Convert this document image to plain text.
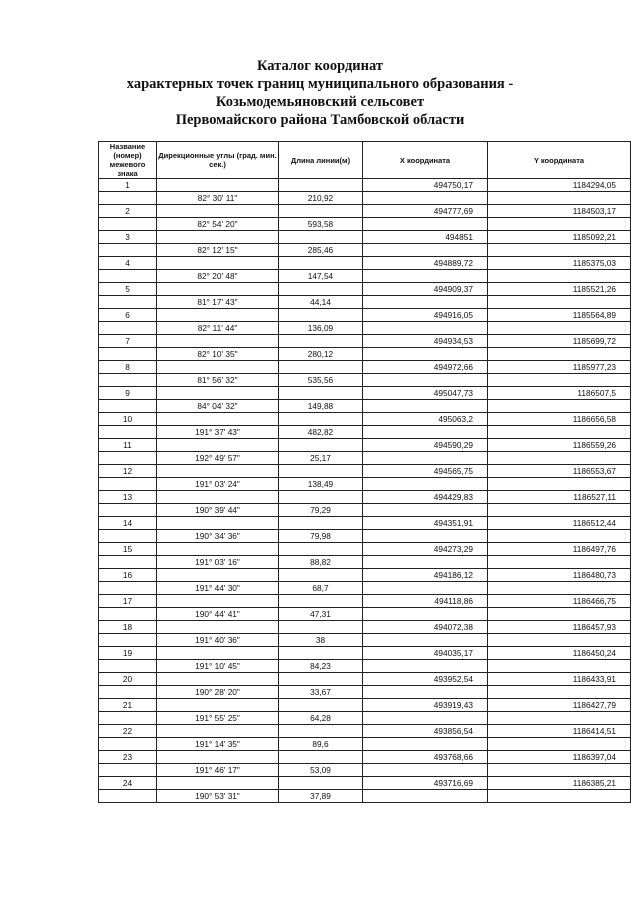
Каталог координат
характерных точек границ муниципального образования -
Козьмодемьяновский сельсовет
Первомайского района Тамбовской области
Название (номер) межевого знака	Дирекционные углы (град. мин. сек.)	Длина линии(м)	X координата	Y координата
1			494750,17	1184294,05
	82° 30' 11"	210,92		
2			494777,69	1184503,17
	82° 54' 20"	593,58		
3			494851	1185092,21
	82° 12' 15"	285,46		
4			494889,72	1185375,03
	82° 20' 48"	147,54		
5			494909,37	1185521,26
	81° 17' 43"	44,14		
6			494916,05	1185564,89
	82° 11' 44"	136,09		
7			494934,53	1185699,72
	82° 10' 35"	280,12		
8			494972,66	1185977,23
	81° 56' 32"	535,56		
9			495047,73	1186507,5
	84° 04' 32"	149,88		
10			495063,2	1186656,58
	191° 37' 43"	482,82		
11			494590,29	1186559,26
	192° 49' 57"	25,17		
12			494565,75	1186553,67
	191° 03' 24"	138,49		
13			494429,83	1186527,11
	190° 39' 44"	79,29		
14			494351,91	1186512,44
	190° 34' 36"	79,98		
15			494273,29	1186497,76
	191° 03' 16"	88,82		
16			494186,12	1186480,73
	191° 44' 30"	68,7		
17			494118,86	1186466,75
	190° 44' 41"	47,31		
18			494072,38	1186457,93
	191° 40' 36"	38		
19			494035,17	1186450,24
	191° 10' 45"	84,23		
20			493952,54	1186433,91
	190° 28' 20"	33,67		
21			493919,43	1186427,79
	191° 55' 25"	64,28		
22			493856,54	1186414,51
	191° 14' 35"	89,6		
23			493768,66	1186397,04
	191° 46' 17"	53,09		
24			493716,69	1186385,21
	190° 53' 31"	37,89		
